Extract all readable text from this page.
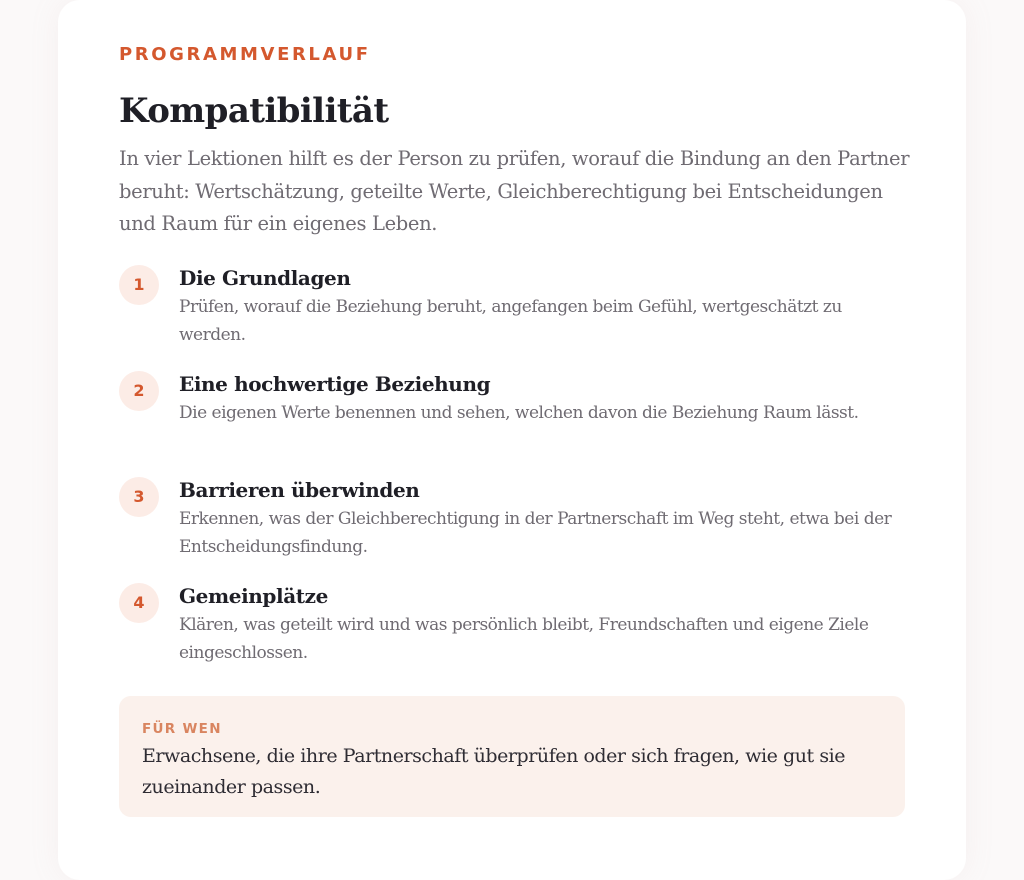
PROGRAMMVERLAUF
Kompatibilität

In vier Lektionen hilft es der Person zu prüfen, worauf die Bindung an den Partner beruht: Wertschätzung, geteilte Werte, Gleichberechtigung bei Entscheidungen und Raum für ein eigenes Leben.

1	Die Grundlagen
Prüfen, worauf die Beziehung beruht, angefangen beim Gefühl, wertgeschätzt zu werden.
2	Eine hochwertige Beziehung
Die eigenen Werte benennen und sehen, welchen davon die Beziehung Raum lässt.
3	Barrieren überwinden
Erkennen, was der Gleichberechtigung in der Partnerschaft im Weg steht, etwa bei der Entscheidungsfindung.
4	Gemeinplätze
Klären, was geteilt wird und was persönlich bleibt, Freundschaften und eigene Ziele eingeschlossen.
FÜR WEN
Erwachsene, die ihre Partnerschaft überprüfen oder sich fragen, wie gut sie zueinander passen.
